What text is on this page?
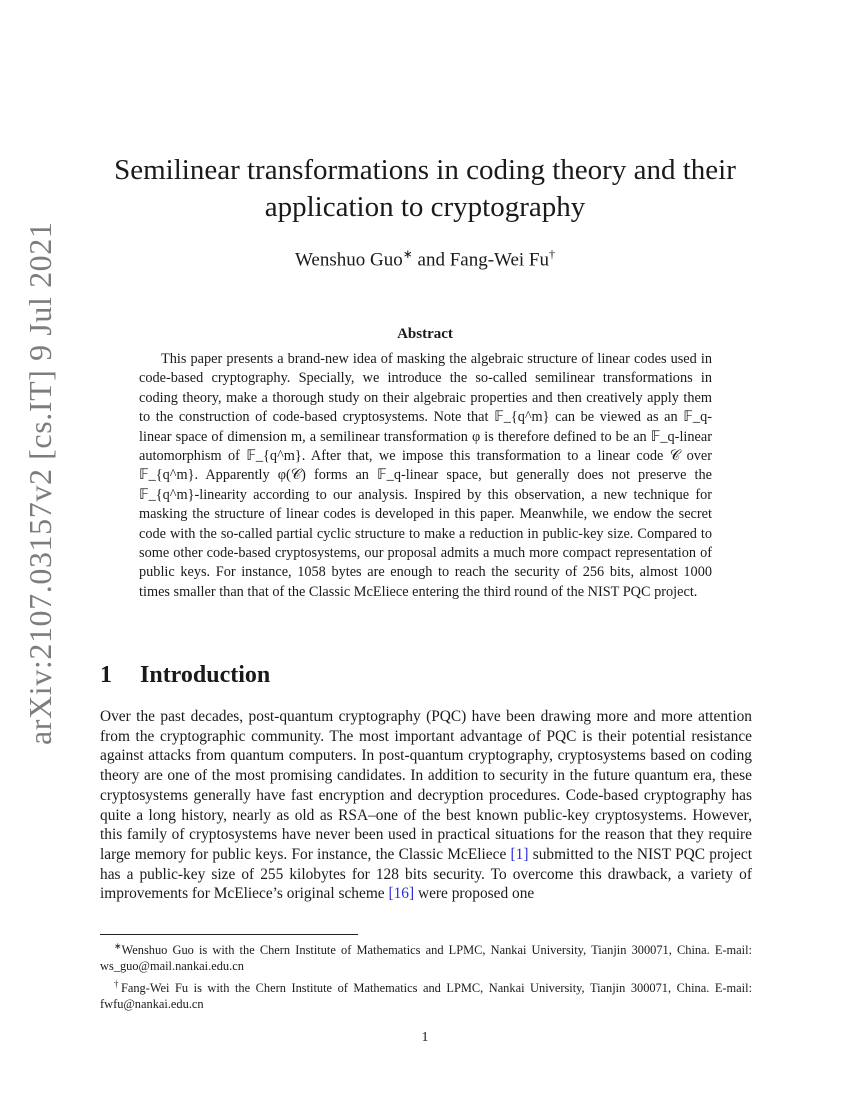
arXiv:2107.03157v2 [cs.IT] 9 Jul 2021
Semilinear transformations in coding theory and their
application to cryptography
Wenshuo Guo∗ and Fang-Wei Fu†
Abstract

This paper presents a brand-new idea of masking the algebraic structure of linear codes used in code-based cryptography. Specially, we introduce the so-called semilinear transformations in coding theory, make a thorough study on their algebraic properties and then creatively apply them to the construction of code-based cryptosystems. Note that 𝔽_{q^m} can be viewed as an 𝔽_q-linear space of dimension m, a semilinear transformation φ is therefore defined to be an 𝔽_q-linear automorphism of 𝔽_{q^m}. After that, we impose this transformation to a linear code 𝒞 over 𝔽_{q^m}. Apparently φ(𝒞) forms an 𝔽_q-linear space, but generally does not preserve the 𝔽_{q^m}-linearity according to our analysis. Inspired by this observation, a new technique for masking the structure of linear codes is developed in this paper. Meanwhile, we endow the secret code with the so-called partial cyclic structure to make a reduction in public-key size. Compared to some other code-based cryptosystems, our proposal admits a much more compact representation of public keys. For instance, 1058 bytes are enough to reach the security of 256 bits, almost 1000 times smaller than that of the Classic McEliece entering the third round of the NIST PQC project.

1 Introduction

Over the past decades, post-quantum cryptography (PQC) have been drawing more and more attention from the cryptographic community. The most important advantage of PQC is their potential resistance against attacks from quantum computers. In post-quantum cryptography, cryptosystems based on coding theory are one of the most promising candidates. In addition to security in the future quantum era, these cryptosystems generally have fast encryption and decryption procedures. Code-based cryptography has quite a long history, nearly as old as RSA–one of the best known public-key cryptosystems. However, this family of cryptosystems have never been used in practical situations for the reason that they require large memory for public keys. For instance, the Classic McEliece [1] submitted to the NIST PQC project has a public-key size of 255 kilobytes for 128 bits security. To overcome this drawback, a variety of improvements for McEliece’s original scheme [16] were proposed one

∗Wenshuo Guo is with the Chern Institute of Mathematics and LPMC, Nankai University, Tianjin 300071, China. E-mail: ws_guo@mail.nankai.edu.cn

†Fang-Wei Fu is with the Chern Institute of Mathematics and LPMC, Nankai University, Tianjin 300071, China. E-mail: fwfu@nankai.edu.cn

1
